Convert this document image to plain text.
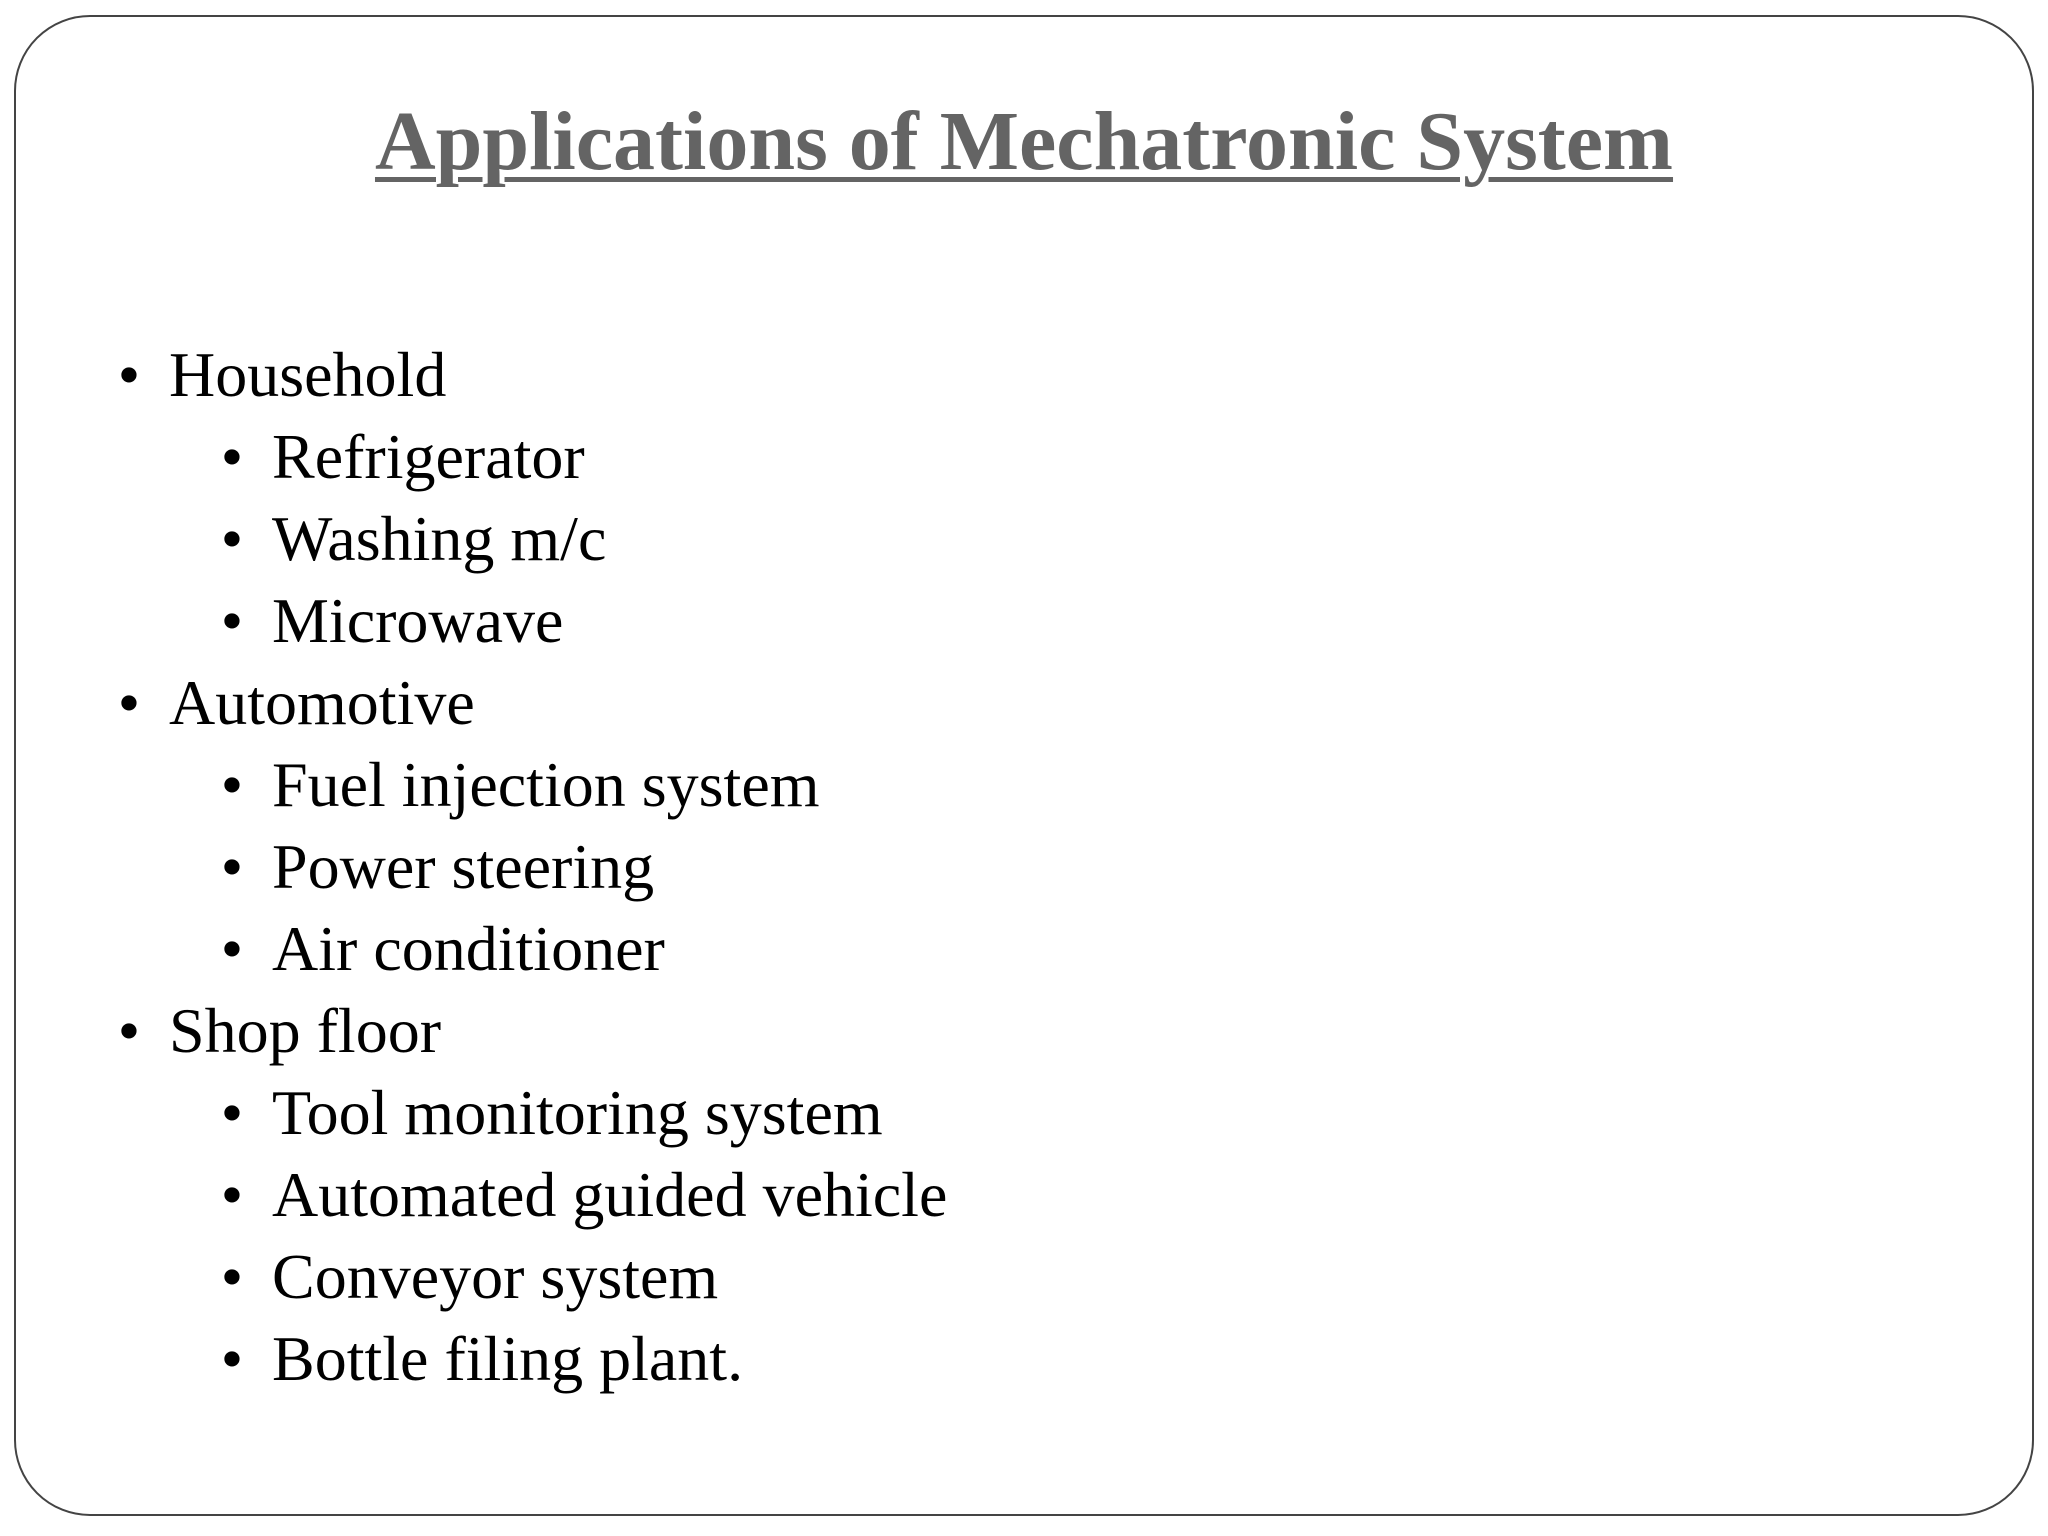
Applications of Mechatronic System
• Household
• Refrigerator
• Washing m/c
• Microwave
• Automotive
• Fuel injection system
• Power steering
• Air conditioner
• Shop floor
• Tool monitoring system
• Automated guided vehicle
• Conveyor system
• Bottle filing plant.
